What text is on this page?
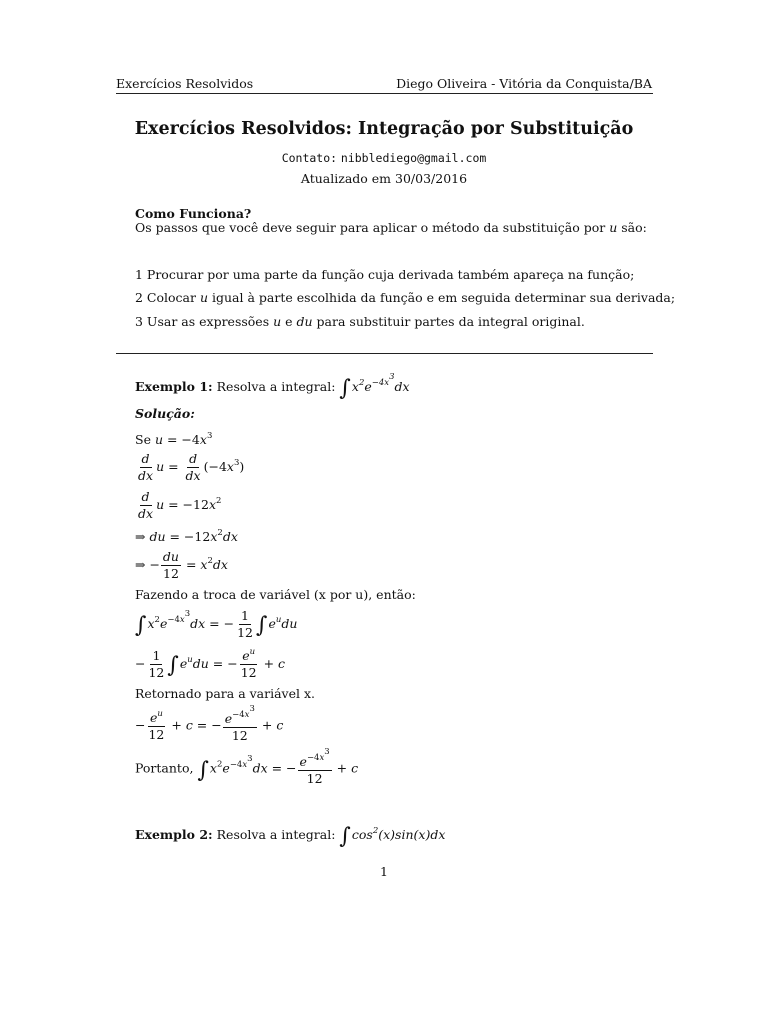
Exercícios Resolvidos	Diego Oliveira - Vitória da Conquista/BA
Exercícios Resolvidos: Integração por Substituição
Contato: nibblediego@gmail.com
Atualizado em 30/03/2016
Como Funciona?
Os passos que você deve seguir para aplicar o método da substituição por u são:
1 Procurar por uma parte da função cuja derivada também apareça na função;
2 Colocar u igual à parte escolhida da função e em seguida determinar sua derivada;
3 Usar as expressões u e du para substituir partes da integral original.
Exemplo 1: Resolva a integral: $\int x^2e^{-4x^3}dx$
Solução:
Se $u = -4x^3$
$\frac{d}{dx}$ $u = \frac{d}{dx} (-4x^3)$
$\frac{d}{dx}$ $u = -12x^2$
⇒ du = $-12x^2dx$
⇒ − $\frac{du}{12} = x^2dx$
Fazendo a troca de variável (x por u), então:
$\int x^2e^{-4x^3}dx$ = − $\frac{1}{12} \int e^udu$
− $\frac{1}{12} \int e^udu$ = − $\frac{e^u}{12} + c$
Retornado para a variável x.
− $\frac{e^u}{12} + c$ = − $\frac{e^{-4x^3}}{12} + c$
Portanto, $\int x^2e^{-4x^3}dx$ = − $\frac{e^{-4x^3}}{12} + c$
Exemplo 2: Resolva a integral: $\int\cos^2(x)\sin(x)dx$
1
